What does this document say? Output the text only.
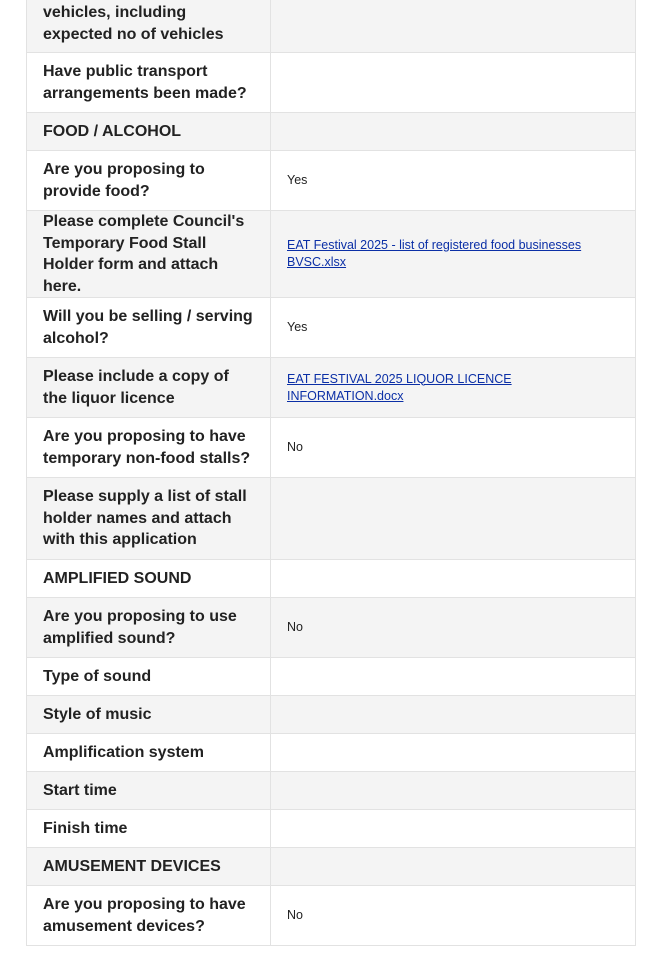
vehicles, including expected no of vehicles	
Have public transport arrangements been made?	
FOOD / ALCOHOL	
Are you proposing to provide food?	Yes
Please complete Council's Temporary Food Stall Holder form and attach here.	EAT Festival 2025 - list of registered food businesses BVSC.xlsx
Will you be selling / serving alcohol?	Yes
Please include a copy of the liquor licence	EAT FESTIVAL 2025 LIQUOR LICENCE INFORMATION.docx
Are you proposing to have temporary non-food stalls?	No
Please supply a list of stall holder names and attach with this application	
AMPLIFIED SOUND	
Are you proposing to use amplified sound?	No
Type of sound	
Style of music	
Amplification system	
Start time	
Finish time	
AMUSEMENT DEVICES	
Are you proposing to have amusement devices?	No
